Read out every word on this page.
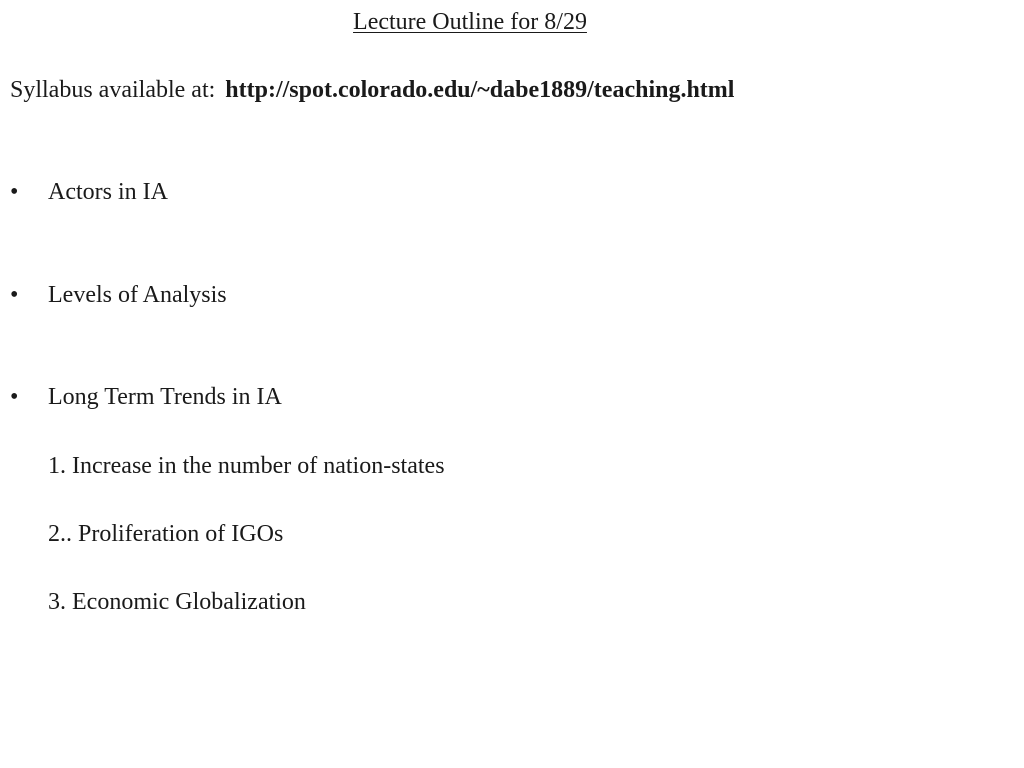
Lecture Outline for 8/29
Syllabus available at: http://spot.colorado.edu/~dabe1889/teaching.html
• Actors in IA
• Levels of Analysis
• Long Term Trends in IA
1. Increase in the number of nation-states
2.. Proliferation of IGOs
3. Economic Globalization
